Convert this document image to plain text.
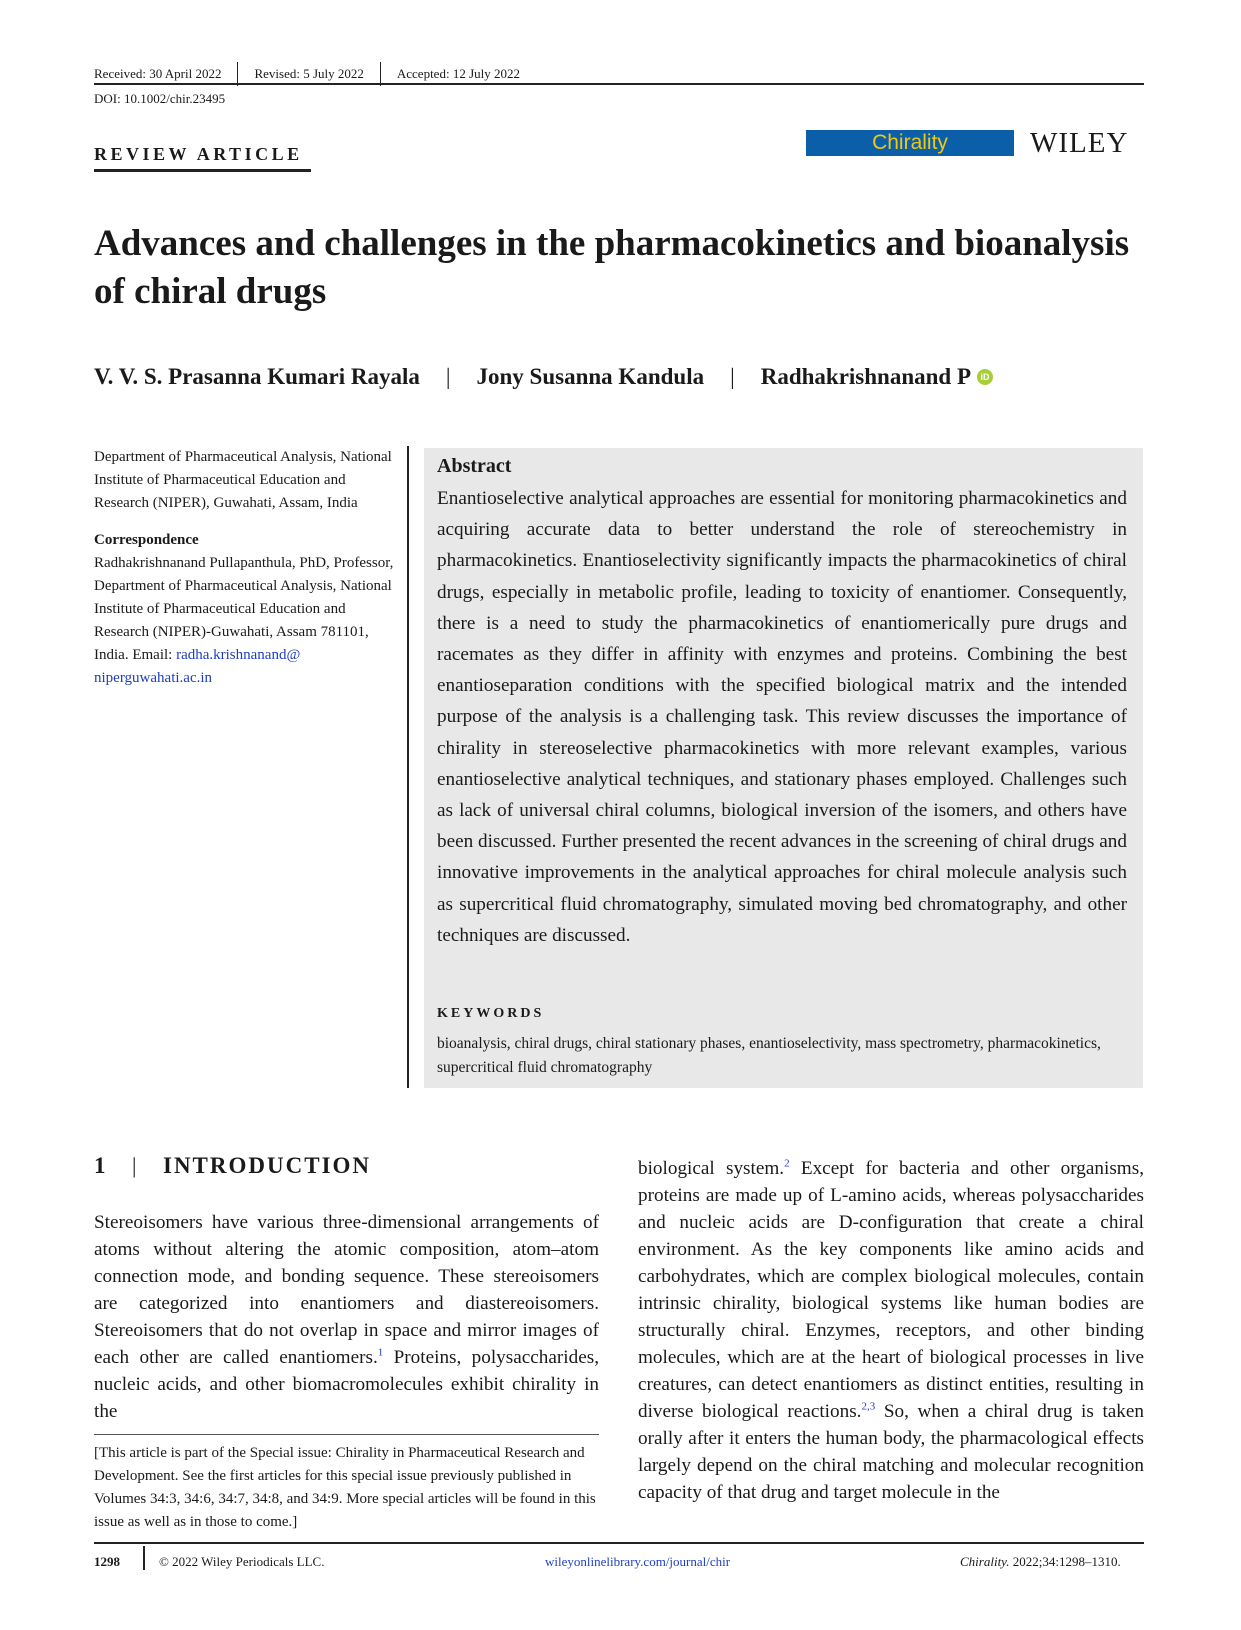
Received: 30 April 2022	Revised: 5 July 2022	Accepted: 12 July 2022
DOI: 10.1002/chir.23495
REVIEW ARTICLE	Chirality	WILEY
Advances and challenges in the pharmacokinetics and bioanalysis of chiral drugs
V. V. S. Prasanna Kumari Rayala | Jony Susanna Kandula | Radhakrishnanand P	iD
Department of Pharmaceutical Analysis, National Institute of Pharmaceutical Education and Research (NIPER), Guwahati, Assam, India
Correspondence
Radhakrishnanand Pullapanthula, PhD, Professor, Department of Pharmaceutical Analysis, National Institute of Pharmaceutical Education and Research (NIPER)-Guwahati, Assam 781101, India. Email: radha.krishnanand@ niperguwahati.ac.in
Abstract
Enantioselective analytical approaches are essential for monitoring pharmacokinetics and acquiring accurate data to better understand the role of stereochemistry in pharmacokinetics. Enantioselectivity significantly impacts the pharmacokinetics of chiral drugs, especially in metabolic profile, leading to toxicity of enantiomer. Consequently, there is a need to study the pharmacokinetics of enantiomerically pure drugs and racemates as they differ in affinity with enzymes and proteins. Combining the best enantioseparation conditions with the specified biological matrix and the intended purpose of the analysis is a challenging task. This review discusses the importance of chirality in stereoselective pharmacokinetics with more relevant examples, various enantioselective analytical techniques, and stationary phases employed. Challenges such as lack of universal chiral columns, biological inversion of the isomers, and others have been discussed. Further presented the recent advances in the screening of chiral drugs and innovative improvements in the analytical approaches for chiral molecule analysis such as supercritical fluid chromatography, simulated moving bed chromatography, and other techniques are discussed.
KEYWORDS
bioanalysis, chiral drugs, chiral stationary phases, enantioselectivity, mass spectrometry, pharmacokinetics, supercritical fluid chromatography
1 | INTRODUCTION
Stereoisomers have various three-dimensional arrangements of atoms without altering the atomic composition, atom–atom connection mode, and bonding sequence. These stereoisomers are categorized into enantiomers and diastereoisomers. Stereoisomers that do not overlap in space and mirror images of each other are called enantiomers.$^1$ Proteins, polysaccharides, nucleic acids, and other biomacromolecules exhibit chirality in the
biological system.$^2$ Except for bacteria and other organisms, proteins are made up of L-amino acids, whereas polysaccharides and nucleic acids are D-configuration that create a chiral environment. As the key components like amino acids and carbohydrates, which are complex biological molecules, contain intrinsic chirality, biological systems like human bodies are structurally chiral. Enzymes, receptors, and other binding molecules, which are at the heart of biological processes in live creatures, can detect enantiomers as distinct entities, resulting in diverse biological reactions.$^{2,3}$ So, when a chiral drug is taken orally after it enters the human body, the pharmacological effects largely depend on the chiral matching and molecular recognition capacity of that drug and target molecule in the
[This article is part of the Special issue: Chirality in Pharmaceutical Research and Development. See the first articles for this special issue previously published in Volumes 34:3, 34:6, 34:7, 34:8, and 34:9. More special articles will be found in this issue as well as in those to come.]
1298	© 2022 Wiley Periodicals LLC.	wileyonlinelibrary.com/journal/chir	Chirality. 2022;34:1298–1310.
